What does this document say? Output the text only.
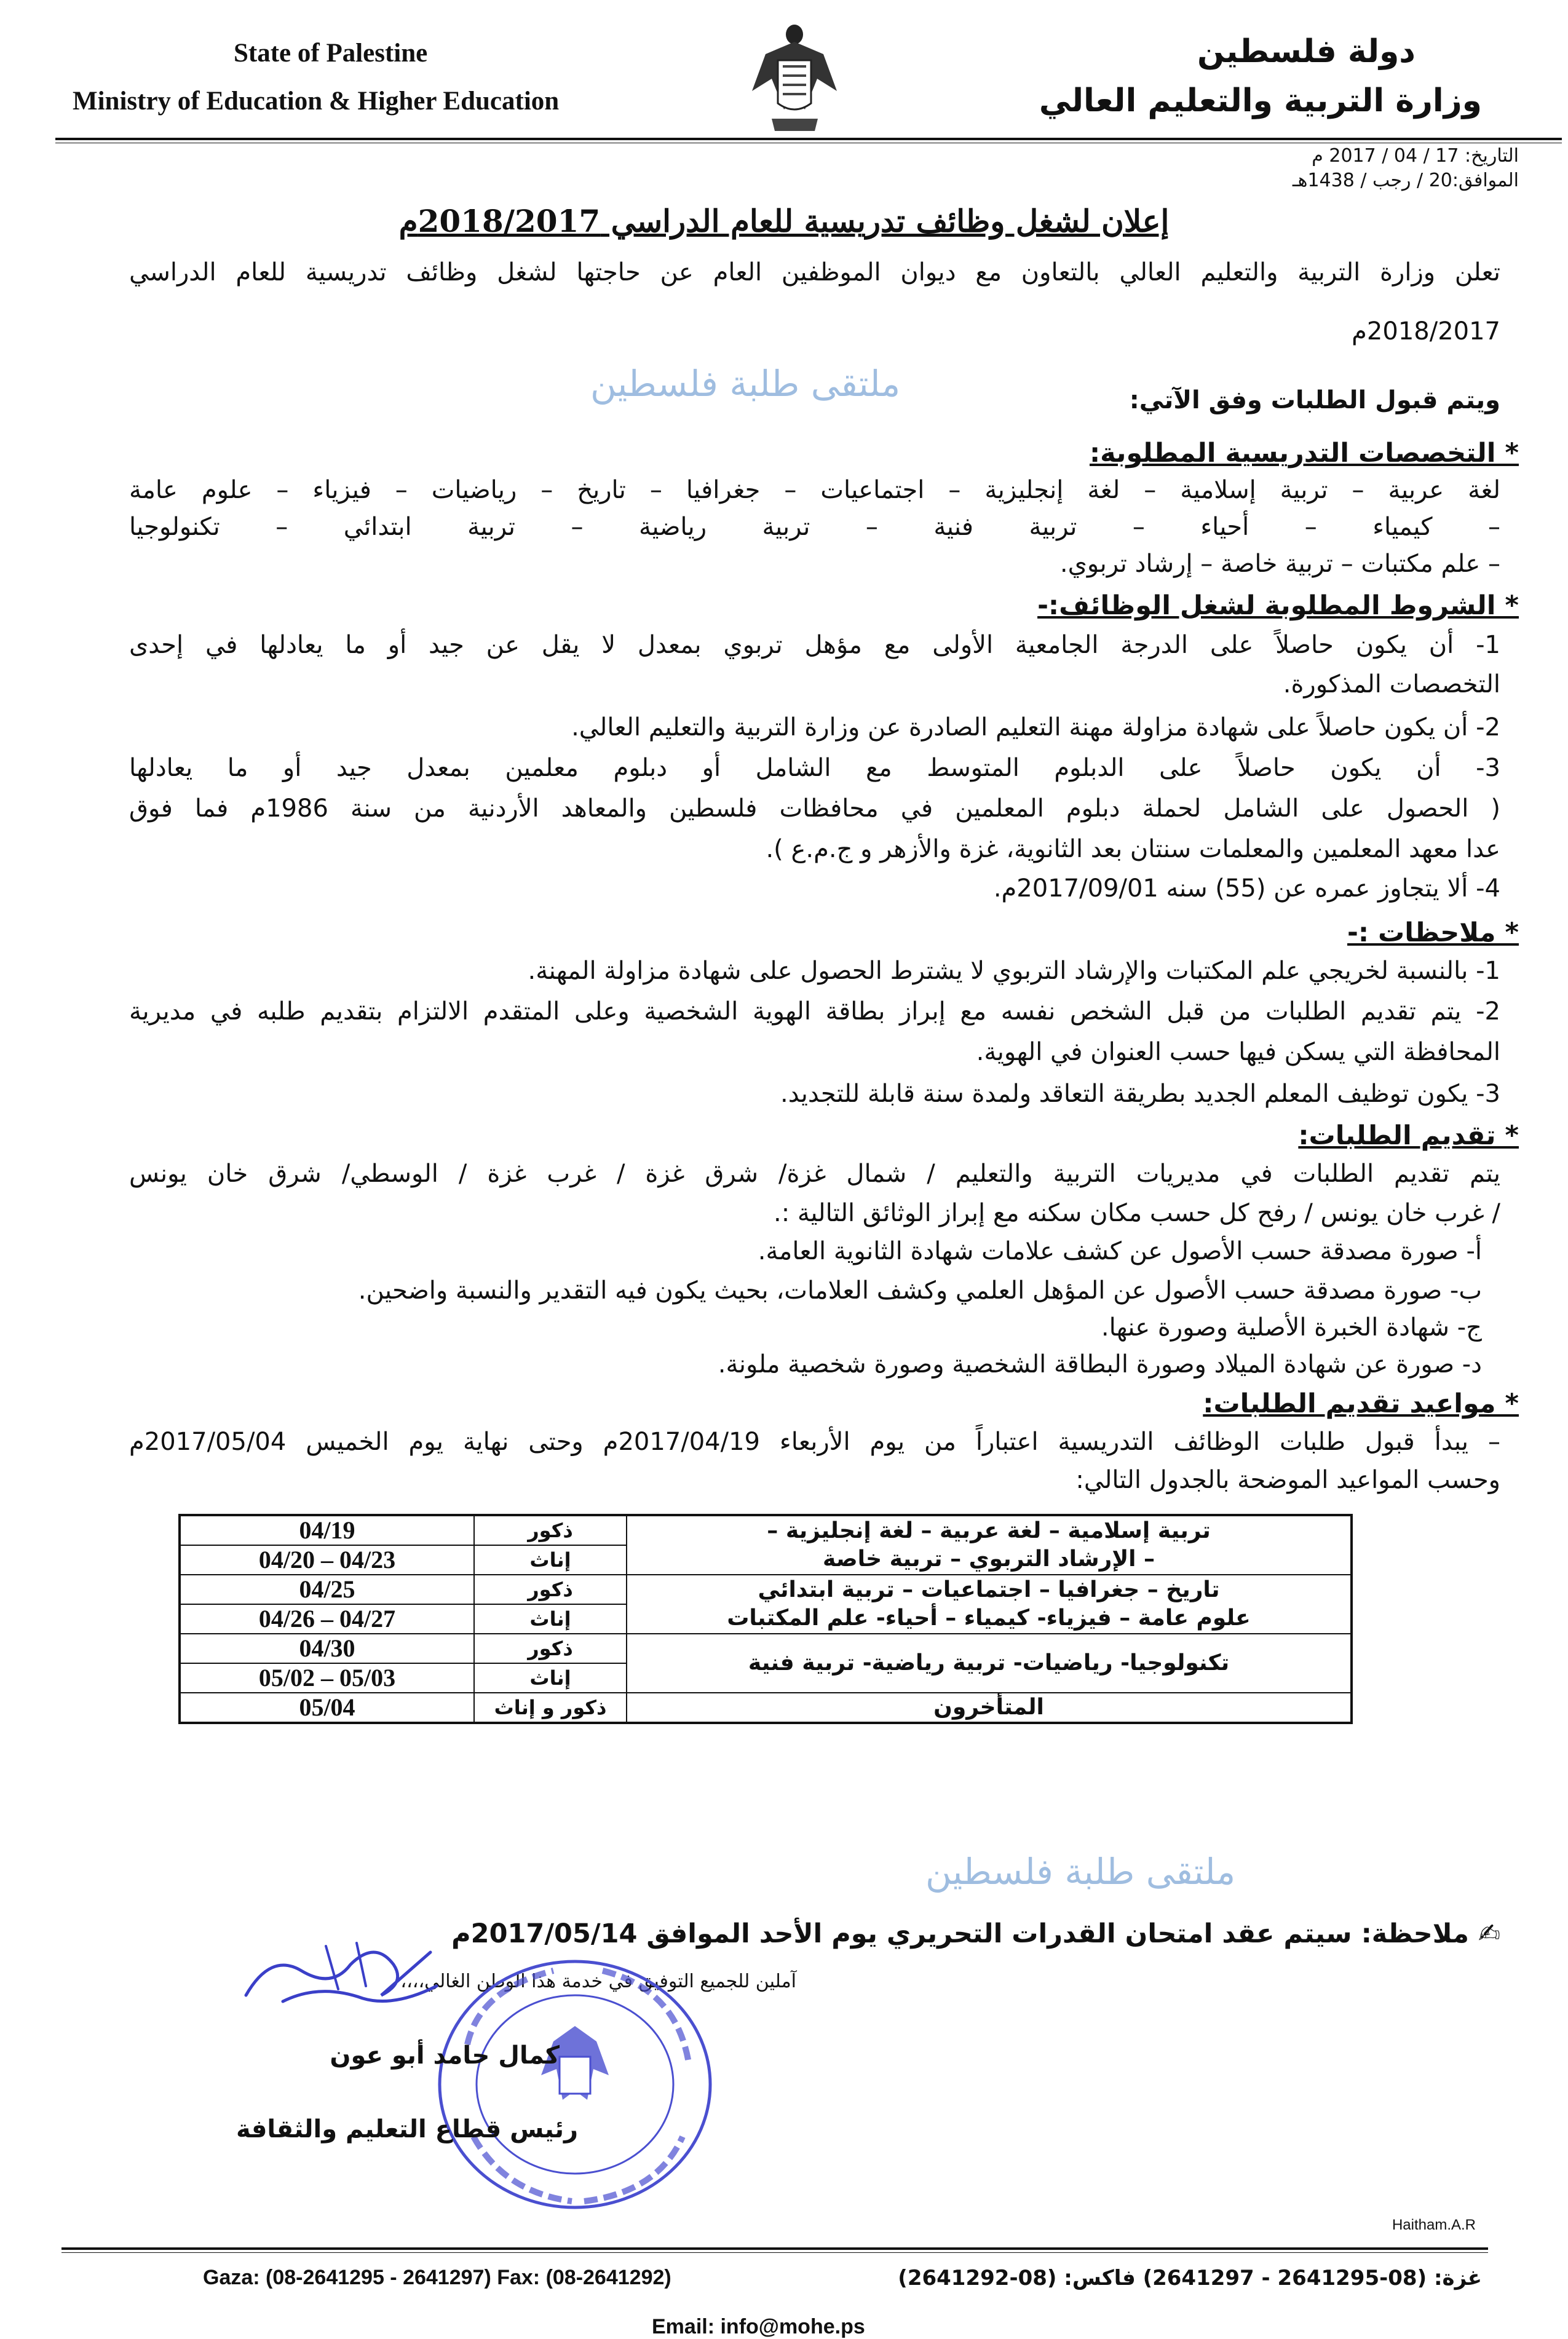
State of Palestine
Ministry of Education & Higher Education
دولة فلسطين
وزارة التربية والتعليم العالي
التاريخ: 17 / 04 / 2017 م
الموافق:20 / رجب / 1438هـ
إعلان لشغل وظائف تدريسية للعام الدراسي 2018/2017م
تعلن وزارة التربية والتعليم العالي بالتعاون مع ديوان الموظفين العام عن حاجتها لشغل وظائف تدريسية للعام الدراسي
2018/2017م
ملتقى طلبة فلسطين	ويتم قبول الطلبات وفق الآتي:
* التخصصات التدريسية المطلوبة:
لغة عربية – تربية إسلامية – لغة إنجليزية – اجتماعيات – جغرافيا – تاريخ – رياضيات – فيزياء – علوم عامة
– كيمياء – أحياء – تربية فنية – تربية رياضية – تربية ابتدائي – تكنولوجيا
– علم مكتبات – تربية خاصة – إرشاد تربوي.
* الشروط المطلوبة لشغل الوظائف:-
1- أن يكون حاصلاً على الدرجة الجامعية الأولى مع مؤهل تربوي بمعدل لا يقل عن جيد أو ما يعادلها في إحدى
التخصصات المذكورة.
2- أن يكون حاصلاً على شهادة مزاولة مهنة التعليم الصادرة عن وزارة التربية والتعليم العالي.
3- أن يكون حاصلاً على الدبلوم المتوسط مع الشامل أو دبلوم معلمين بمعدل جيد أو ما يعادلها
( الحصول على الشامل لحملة دبلوم المعلمين في محافظات فلسطين والمعاهد الأردنية من سنة 1986م فما فوق
عدا معهد المعلمين والمعلمات سنتان بعد الثانوية، غزة والأزهر و ج.م.ع ).
4- ألا يتجاوز عمره عن (55) سنه 2017/09/01م.
* ملاحظات :-
1- بالنسبة لخريجي علم المكتبات والإرشاد التربوي لا يشترط الحصول على شهادة مزاولة المهنة.
2- يتم تقديم الطلبات من قبل الشخص نفسه مع إبراز بطاقة الهوية الشخصية وعلى المتقدم الالتزام بتقديم طلبه في مديرية
المحافظة التي يسكن فيها حسب العنوان في الهوية.
3- يكون توظيف المعلم الجديد بطريقة التعاقد ولمدة سنة قابلة للتجديد.
* تقديم الطلبات:
يتم تقديم الطلبات في مديريات التربية والتعليم / شمال غزة/ شرق غزة / غرب غزة / الوسطي/ شرق خان يونس
/ غرب خان يونس / رفح كل حسب مكان سكنه مع إبراز الوثائق التالية :.
أ- صورة مصدقة حسب الأصول عن كشف علامات شهادة الثانوية العامة.
ب- صورة مصدقة حسب الأصول عن المؤهل العلمي وكشف العلامات، بحيث يكون فيه التقدير والنسبة واضحين.
ج- شهادة الخبرة الأصلية وصورة عنها.
د- صورة عن شهادة الميلاد وصورة البطاقة الشخصية وصورة شخصية ملونة.
* مواعيد تقديم الطلبات:
– يبدأ قبول طلبات الوظائف التدريسية اعتباراً من يوم الأربعاء 2017/04/19م وحتى نهاية يوم الخميس 2017/05/04م
وحسب المواعيد الموضحة بالجدول التالي:
تربية إسلامية – لغة عربية – لغة إنجليزية –
– الإرشاد التربوي – تربية خاصة	ذكور	04/19
	إناث	04/23 – 04/20

تاريخ – جغرافيا – اجتماعيات – تربية ابتدائي
علوم عامة – فيزياء- كيمياء – أحياء- علم المكتبات	ذكور	04/25
	إناث	04/27 – 04/26
تكنولوجيا- رياضيات- تربية رياضية- تربية فنية	ذكور	04/30
	إناث	05/03 – 05/02
المتأخرون	ذكور و إناث	05/04
✍ ملاحظة: سيتم عقد امتحان القدرات التحريري يوم الأحد الموافق 2017/05/14م
آملين للجميع التوفيق في خدمة هذا الوطن الغالي،،،،
كمال حامد أبو عون
رئيس قطاع التعليم والثقافة
ملتقى طلبة فلسطين
Haitham.A.R
Gaza: (08-2641295 - 2641297) Fax: (08-2641292)	غزة: (08-2641295 - 2641297) فاكس: (08-2641292)
Email: info@mohe.ps
